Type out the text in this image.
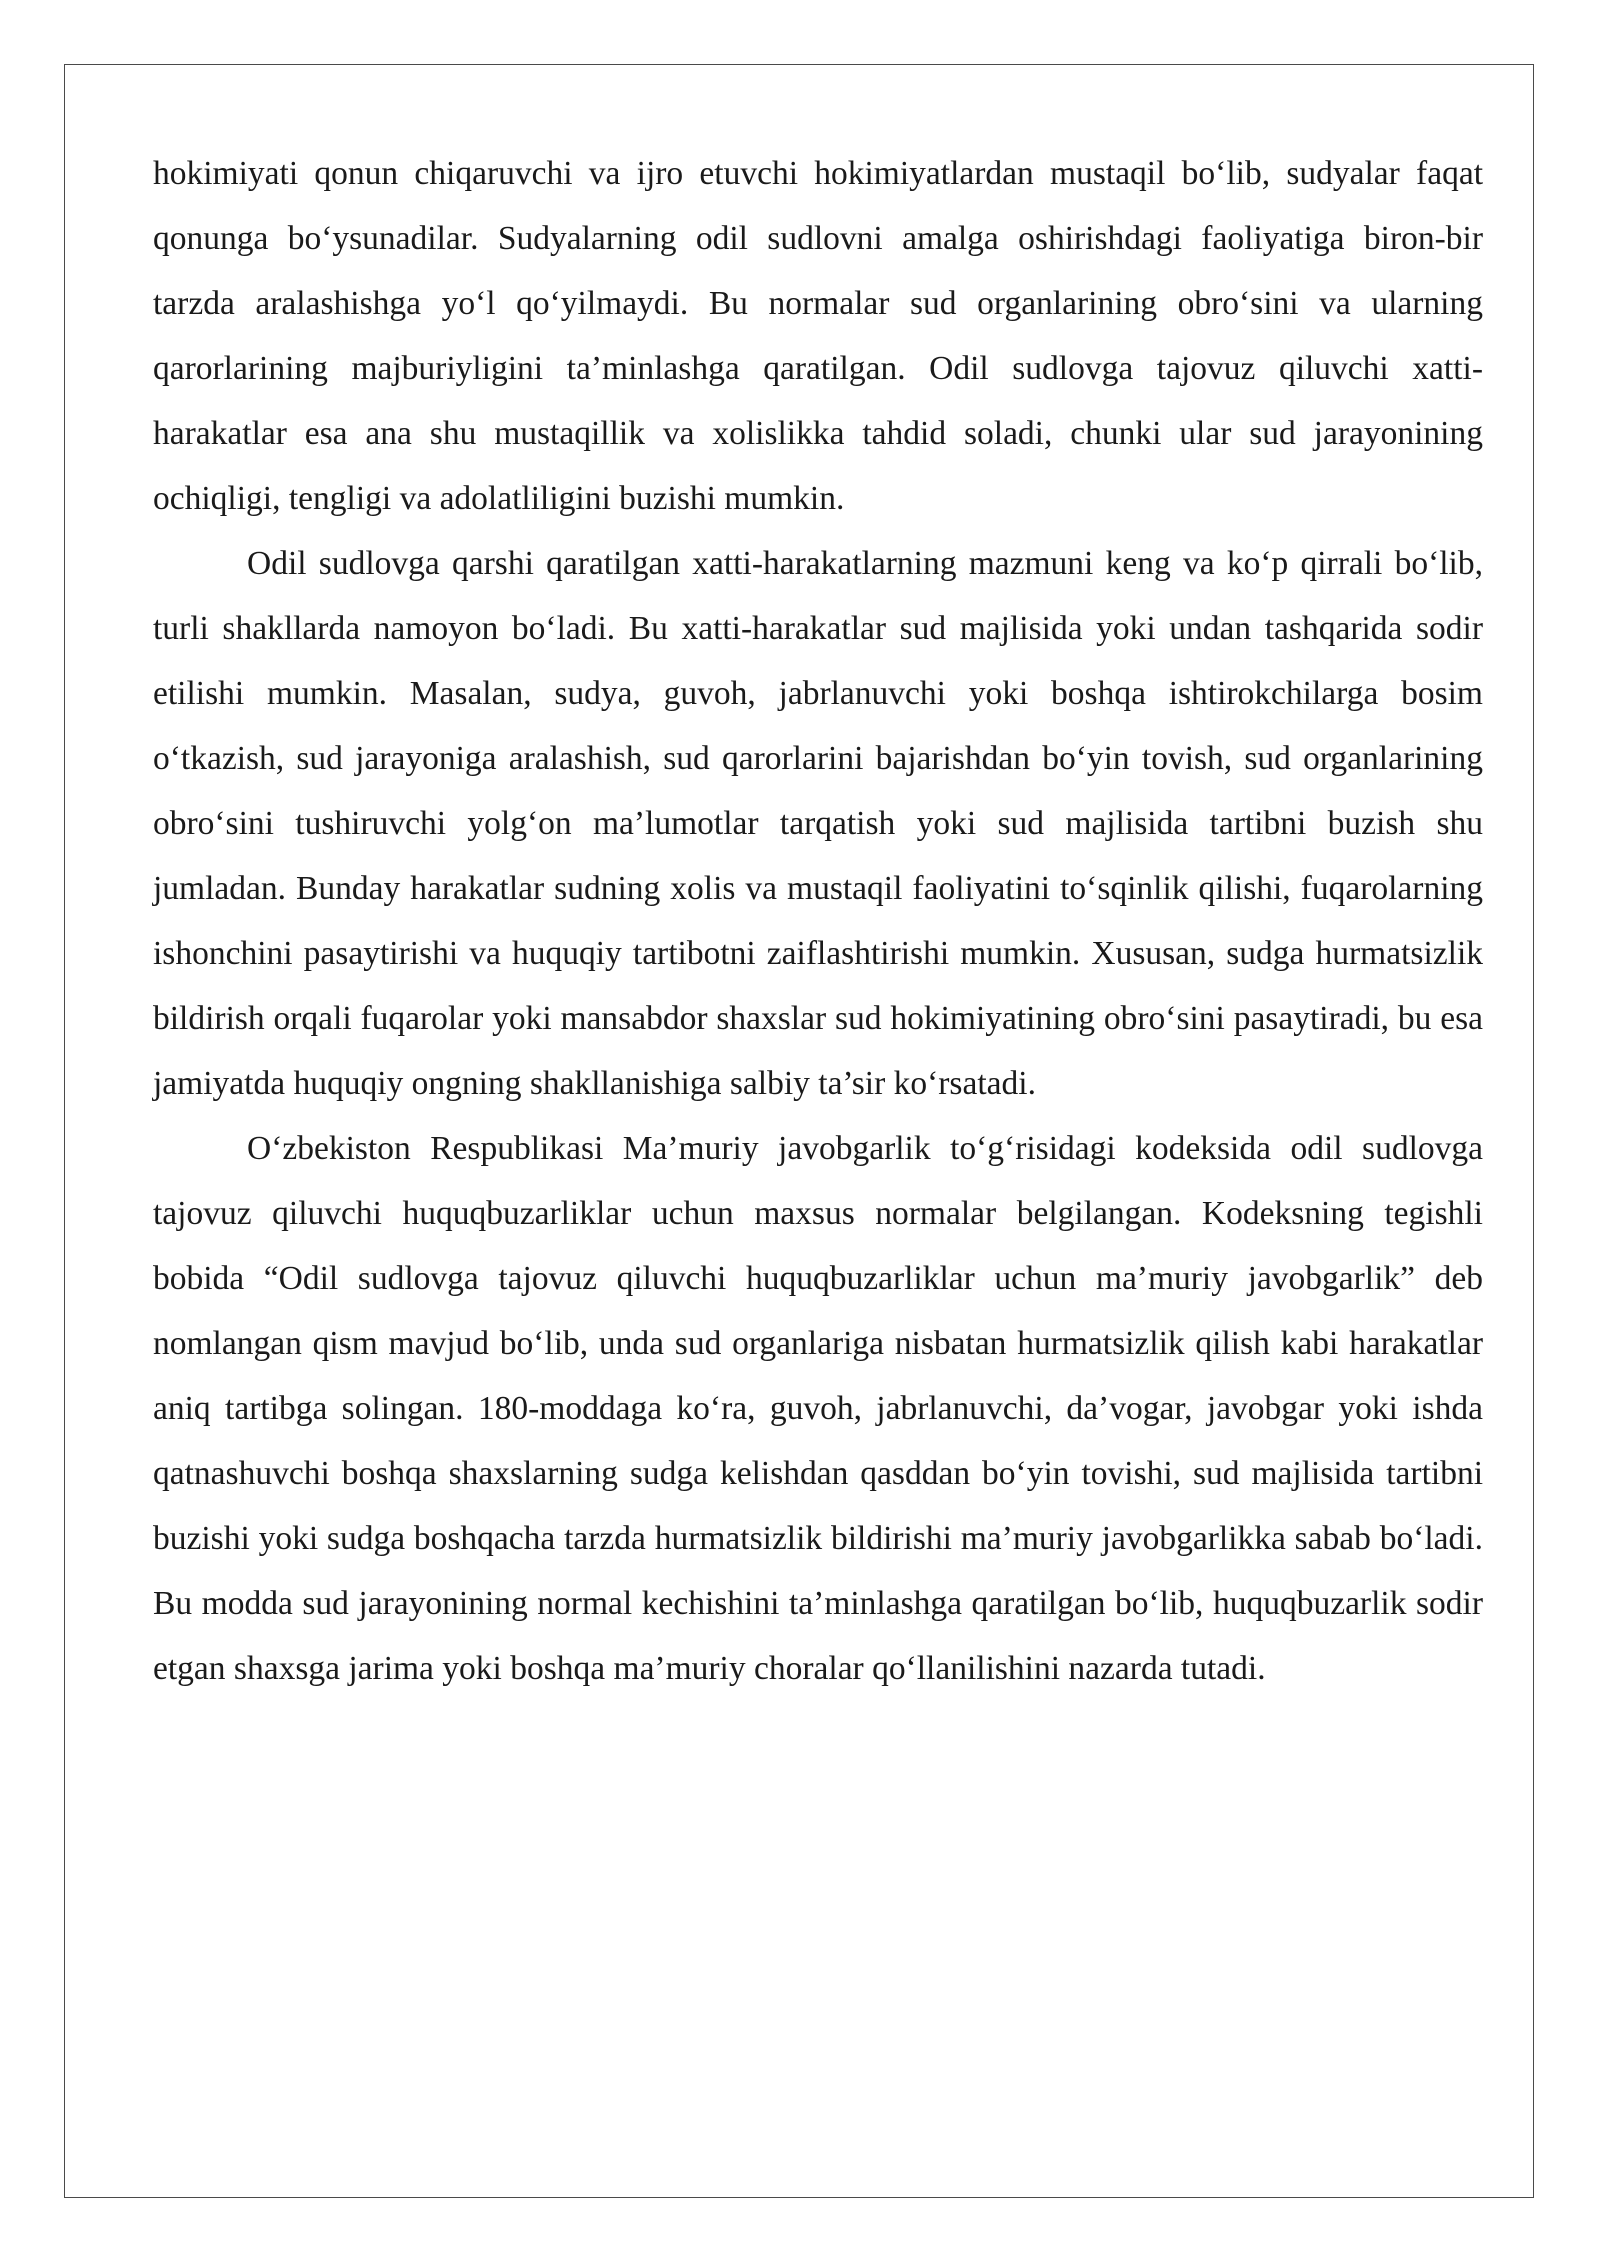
hokimiyati qonun chiqaruvchi va ijro etuvchi hokimiyatlardan mustaqil bo‘lib, sudyalar faqat qonunga bo‘ysunadilar. Sudyalarning odil sudlovni amalga oshirishdagi faoliyatiga biron-bir tarzda aralashishga yo‘l qo‘yilmaydi. Bu normalar sud organlarining obro‘sini va ularning qarorlarining majburiyligini ta’minlashga qaratilgan. Odil sudlovga tajovuz qiluvchi xatti-harakatlar esa ana shu mustaqillik va xolislikka tahdid soladi, chunki ular sud jarayonining ochiqligi, tengligi va adolatliligini buzishi mumkin.

Odil sudlovga qarshi qaratilgan xatti-harakatlarning mazmuni keng va ko‘p qirrali bo‘lib, turli shakllarda namoyon bo‘ladi. Bu xatti-harakatlar sud majlisida yoki undan tashqarida sodir etilishi mumkin. Masalan, sudya, guvoh, jabrlanuvchi yoki boshqa ishtirokchilarga bosim o‘tkazish, sud jarayoniga aralashish, sud qarorlarini bajarishdan bo‘yin tovish, sud organlarining obro‘sini tushiruvchi yolg‘on ma’lumotlar tarqatish yoki sud majlisida tartibni buzish shu jumladan. Bunday harakatlar sudning xolis va mustaqil faoliyatini to‘sqinlik qilishi, fuqarolarning ishonchini pasaytirishi va huquqiy tartibotni zaiflashtirishi mumkin. Xususan, sudga hurmatsizlik bildirish orqali fuqarolar yoki mansabdor shaxslar sud hokimiyatining obro‘sini pasaytiradi, bu esa jamiyatda huquqiy ongning shakllanishiga salbiy ta’sir ko‘rsatadi.

O‘zbekiston Respublikasi Ma’muriy javobgarlik to‘g‘risidagi kodeksida odil sudlovga tajovuz qiluvchi huquqbuzarliklar uchun maxsus normalar belgilangan. Kodeksning tegishli bobida “Odil sudlovga tajovuz qiluvchi huquqbuzarliklar uchun ma’muriy javobgarlik” deb nomlangan qism mavjud bo‘lib, unda sud organlariga nisbatan hurmatsizlik qilish kabi harakatlar aniq tartibga solingan. 180-moddaga ko‘ra, guvoh, jabrlanuvchi, da’vogar, javobgar yoki ishda qatnashuvchi boshqa shaxslarning sudga kelishdan qasddan bo‘yin tovishi, sud majlisida tartibni buzishi yoki sudga boshqacha tarzda hurmatsizlik bildirishi ma’muriy javobgarlikka sabab bo‘ladi. Bu modda sud jarayonining normal kechishini ta’minlashga qaratilgan bo‘lib, huquqbuzarlik sodir etgan shaxsga jarima yoki boshqa ma’muriy choralar qo‘llanilishini nazarda tutadi.
